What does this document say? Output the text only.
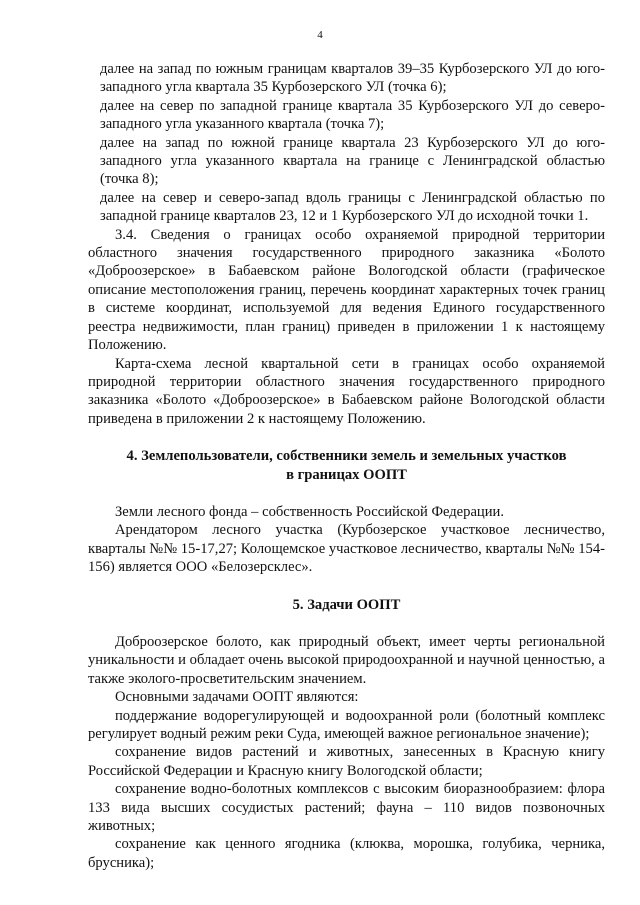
4

далее на запад по южным границам кварталов 39–35 Курбозерского УЛ до юго-западного угла квартала 35 Курбозерского УЛ (точка 6);

далее на север по западной границе квартала 35 Курбозерского УЛ до северо-западного угла указанного квартала (точка 7);

далее на запад по южной границе квартала 23 Курбозерского УЛ до юго-западного угла указанного квартала на границе с Ленинградской областью (точка 8);

далее на север и северо-запад вдоль границы с Ленинградской областью по западной границе кварталов 23, 12 и 1 Курбозерского УЛ до исходной точки 1.

3.4. Сведения о границах особо охраняемой природной территории областного значения государственного природного заказника «Болото «Доброозерское» в Бабаевском районе Вологодской области (графическое описание местоположения границ, перечень координат характерных точек границ в системе координат, используемой для ведения Единого государственного реестра недвижимости, план границ) приведен в приложении 1 к настоящему Положению.

Карта-схема лесной квартальной сети в границах особо охраняемой природной территории областного значения государственного природного заказника «Болото «Доброозерское» в Бабаевском районе Вологодской области приведена в приложении 2 к настоящему Положению.

4. Землепользователи, собственники земель и земельных участков
в границах ООПТ

Земли лесного фонда – собственность Российской Федерации.

Арендатором лесного участка (Курбозерское участковое лесничество, кварталы №№ 15-17,27; Колощемское участковое лесничество, кварталы №№ 154-156) является ООО «Белозерсклес».

5. Задачи ООПТ

Доброозерское болото, как природный объект, имеет черты региональной уникальности и обладает очень высокой природоохранной и научной ценностью, а также эколого-просветительским значением.

Основными задачами ООПТ являются:

поддержание водорегулирующей и водоохранной роли (болотный комплекс регулирует водный режим реки Суда, имеющей важное региональное значение);

сохранение видов растений и животных, занесенных в Красную книгу Российской Федерации и Красную книгу Вологодской области;

сохранение водно-болотных комплексов с высоким биоразнообразием: флора 133 вида высших сосудистых растений; фауна – 110 видов позвоночных животных;

сохранение как ценного ягодника (клюква, морошка, голубика, черника, брусника);
